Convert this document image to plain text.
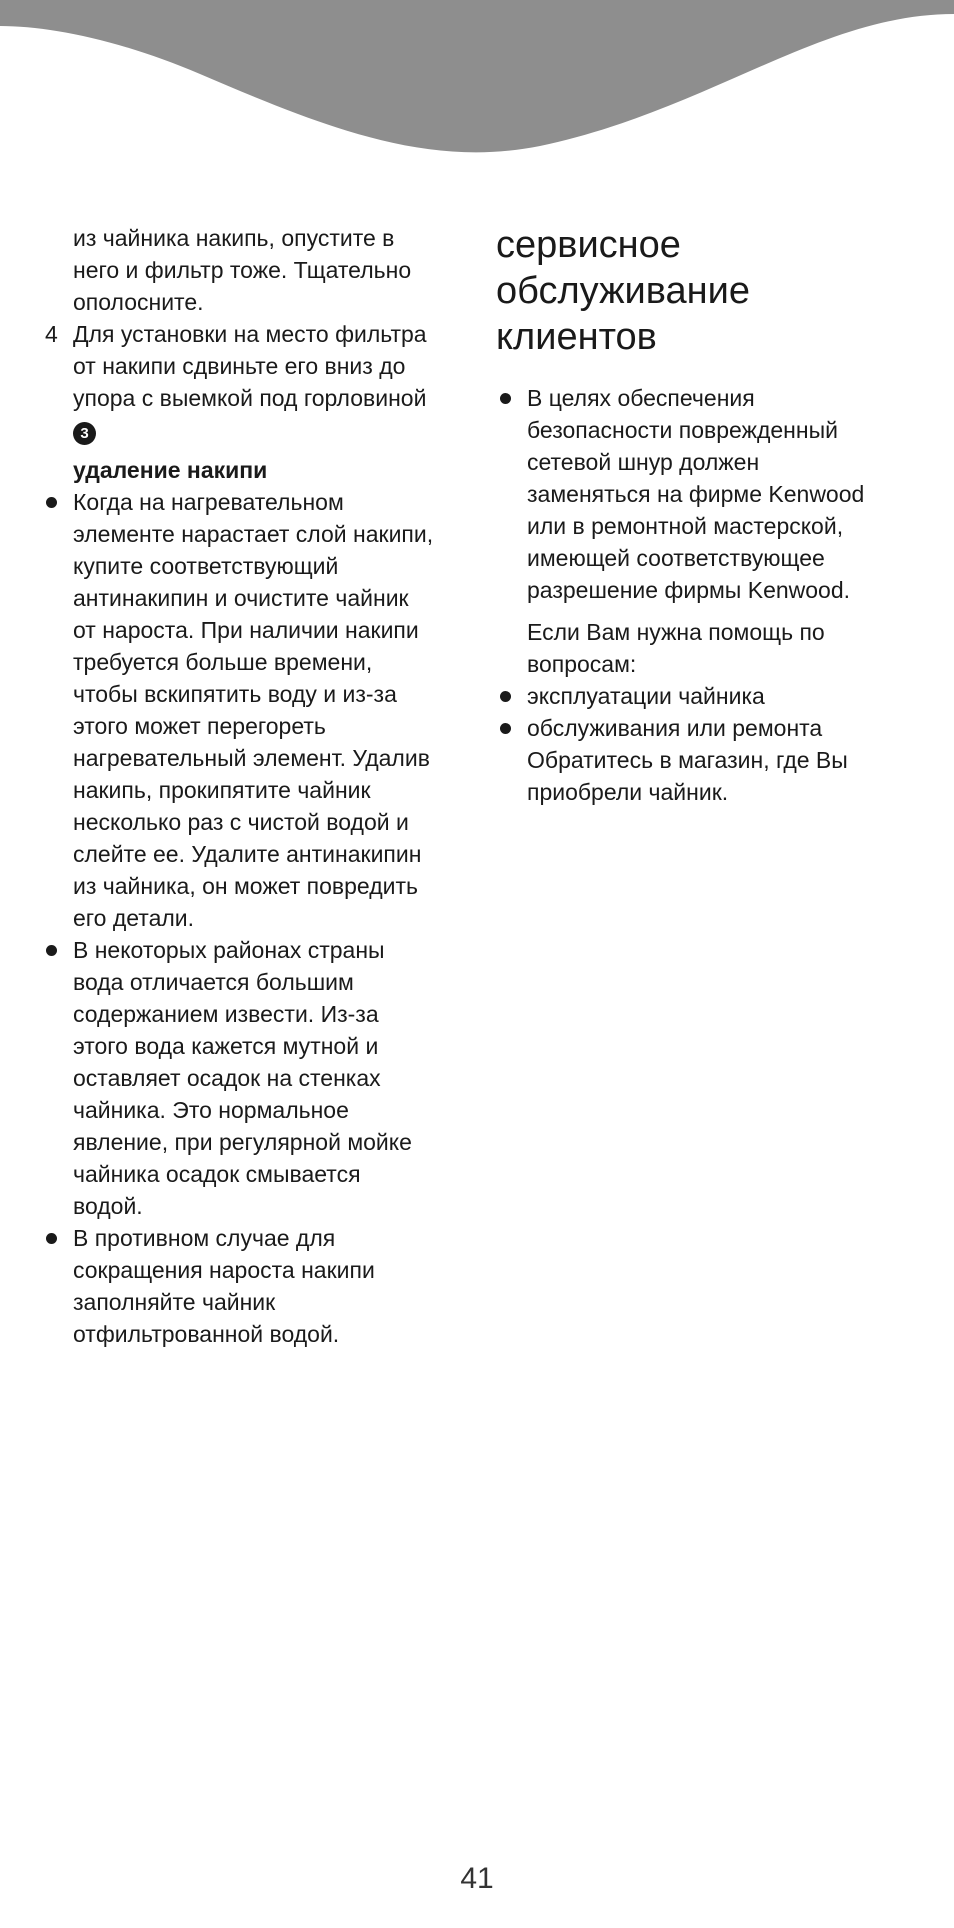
из чайника накипь, опустите в
него и фильтр тоже. Тщательно
ополосните.
4 Для установки на место фильтра
от накипи сдвиньте его вниз до
упора с выемкой под горловиной
3
удаление накипи
Когда на нагревательном
элементе нарастает слой накипи,
купите соответствующий
антинакипин и очистите чайник
от нароста. При наличии накипи
требуется больше времени,
чтобы вскипятить воду и из-за
этого может перегореть
нагревательный элемент. Удалив
накипь, прокипятите чайник
несколько раз с чистой водой и
слейте ее. Удалите антинакипин
из чайника, он может повредить
его детали.
В некоторых районах страны
вода отличается большим
содержанием извести. Из-за
этого вода кажется мутной и
оставляет осадок на стенках
чайника. Это нормальное
явление, при регулярной мойке
чайника осадок смывается
водой.
В противном случае для
сокращения нароста накипи
заполняйте чайник
отфильтрованной водой.
сервисное
обслуживание
клиентов
В целях обеспечения
безопасности поврежденный
сетевой шнур должен
заменяться на фирме Kenwood
или в ремонтной мастерской,
имеющей соответствующее
разрешение фирмы Kenwood.
Если Вам нужна помощь по
вопросам:
эксплуатации чайника
обслуживания или ремонта
Обратитесь в магазин, где Вы
приобрели чайник.
41
